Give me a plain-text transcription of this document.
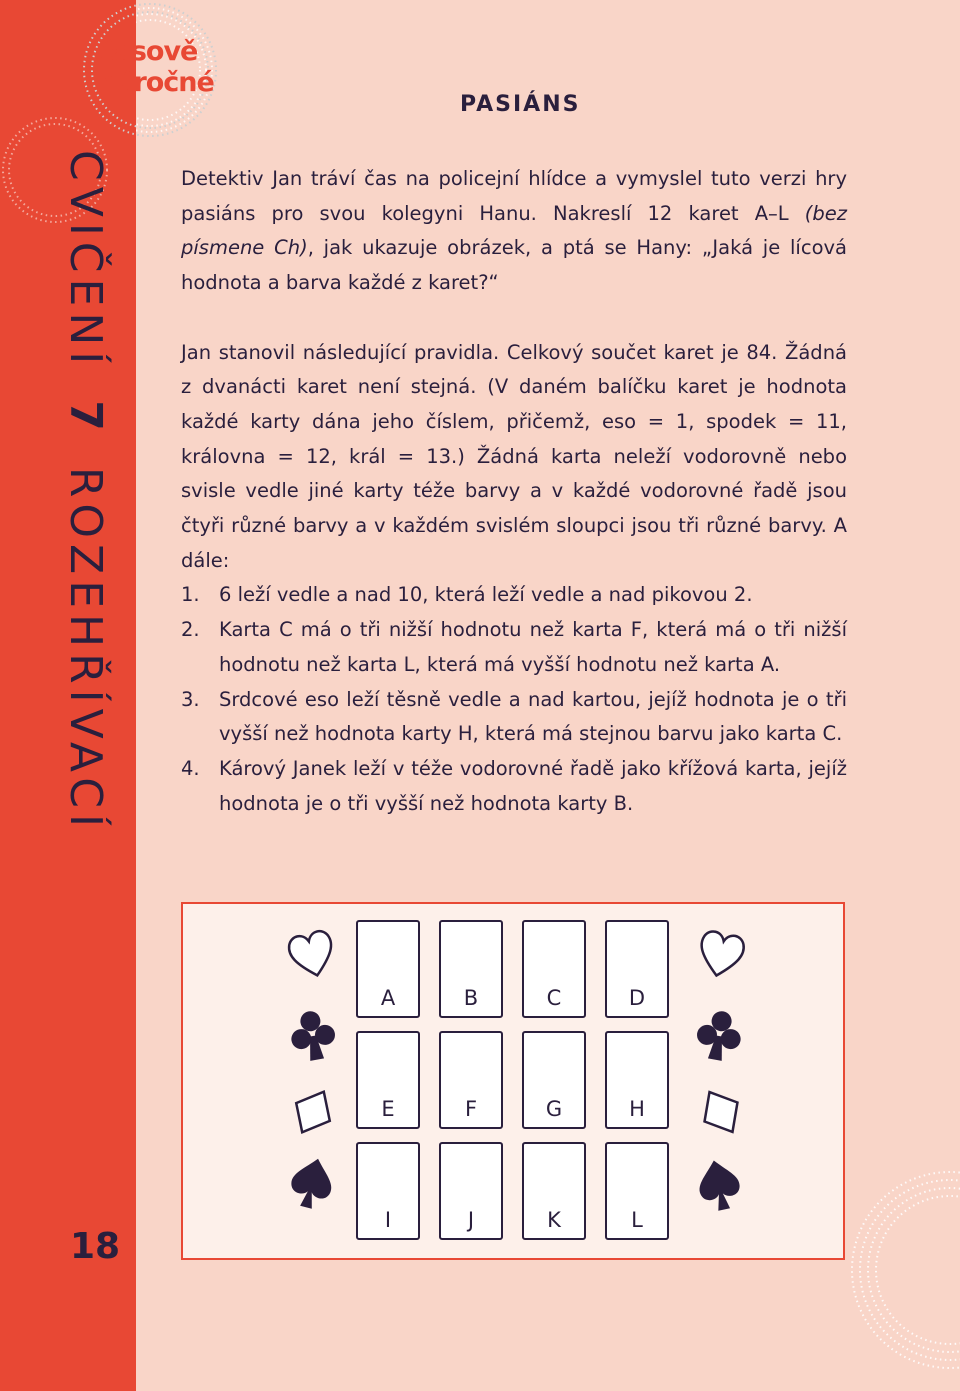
časově
náročné
CVIČENÍ
7
ROZEHŘÍVACÍ
18
PASIÁNS

Detektiv Jan tráví čas na policejní hlídce a vymyslel tuto verzi hry pasiáns pro svou kolegyni Hanu. Nakreslí 12 karet A–L (bez písmene Ch), jak ukazuje obrázek, a ptá se Hany: „Jaká je lícová hodnota a barva každé z karet?“

Jan stanovil následující pravidla. Celkový součet karet je 84. Žádná z dvanácti karet není stejná. (V daném balíčku karet je hodnota každé karty dána jeho číslem, přičemž, eso = 1, spodek = 11, královna = 12, král = 13.) Žádná karta neleží vodorovně nebo svisle vedle jiné karty téže barvy a v každé vodorovné řadě jsou čtyři různé barvy a v každém svislém sloupci jsou tři různé barvy. A dále:

1. 6 leží vedle a nad 10, která leží vedle a nad pikovou 2.
2. Karta C má o tři nižší hodnotu než karta F, která má o tři nižší hodnotu než karta L, která má vyšší hodnotu než karta A.
3. Srdcové eso leží těsně vedle a nad kartou, jejíž hodnota je o tři vyšší než hodnota karty H, která má stejnou barvu jako karta C.
4. Kárový Janek leží v téže vodorovné řadě jako křížová karta, jejíž hodnota je o tři vyšší než hodnota karty B.
A	B	C	D
E	F	G	H
I	J	K	L
